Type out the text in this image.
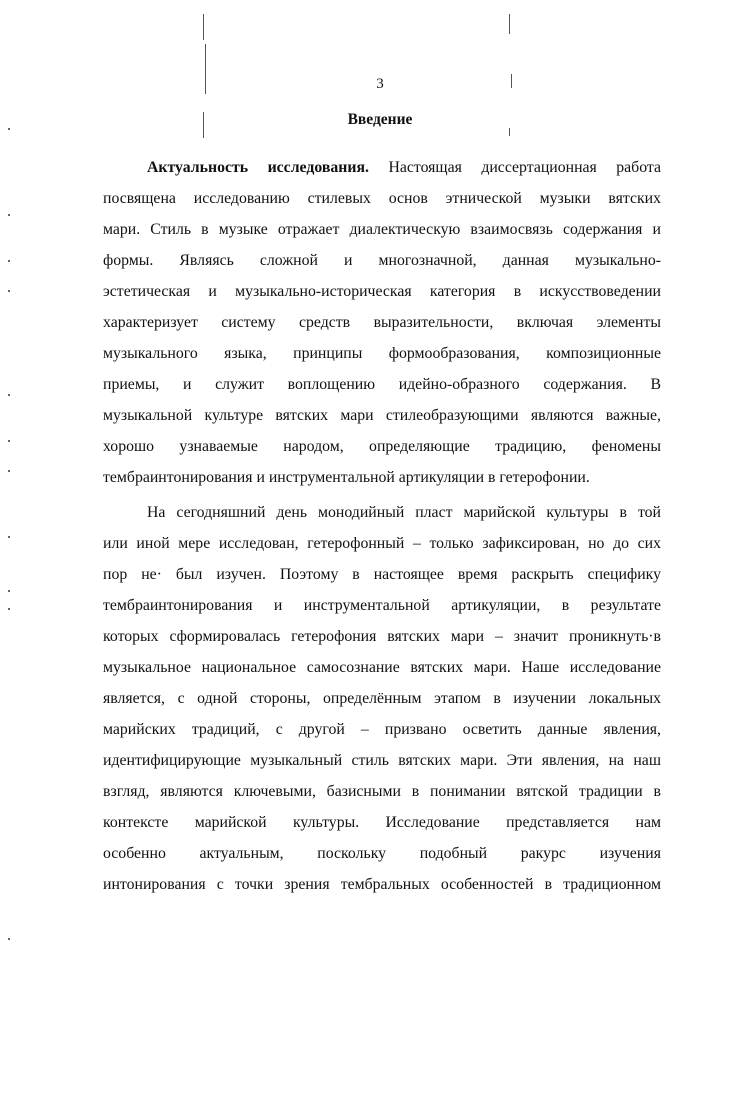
3
Введение
Актуальность исследования. Настоящая диссертационная работа
посвящена исследованию стилевых основ этнической музыки вятских
мари. Стиль в музыке отражает диалектическую взаимосвязь содержания и
формы. Являясь сложной и многозначной, данная музыкально-
эстетическая и музыкально-историческая категория в искусствоведении
характеризует систему средств выразительности, включая элементы
музыкального языка, принципы формообразования, композиционные
приемы, и служит воплощению идейно-образного содержания. В
музыкальной культуре вятских мари стилеобразующими являются важные,
хорошо узнаваемые народом, определяющие традицию, феномены
тембраинтонирования и инструментальной артикуляции в гетерофонии.
На сегодняшний день монодийный пласт марийской культуры в той
или иной мере исследован, гетерофонный – только зафиксирован, но до сих
пор не· был изучен. Поэтому в настоящее время раскрыть специфику
тембраинтонирования и инструментальной артикуляции, в результате
которых сформировалась гетерофония вятских мари – значит проникнуть·в
музыкальное национальное самосознание вятских мари. Наше исследование
является, с одной стороны, определённым этапом в изучении локальных
марийских традиций, с другой – призвано осветить данные явления,
идентифицирующие музыкальный стиль вятских мари. Эти явления, на наш
взгляд, являются ключевыми, базисными в понимании вятской традиции в
контексте марийской культуры. Исследование представляется нам
особенно актуальным, поскольку подобный ракурс изучения
интонирования с точки зрения тембральных особенностей в традиционном
